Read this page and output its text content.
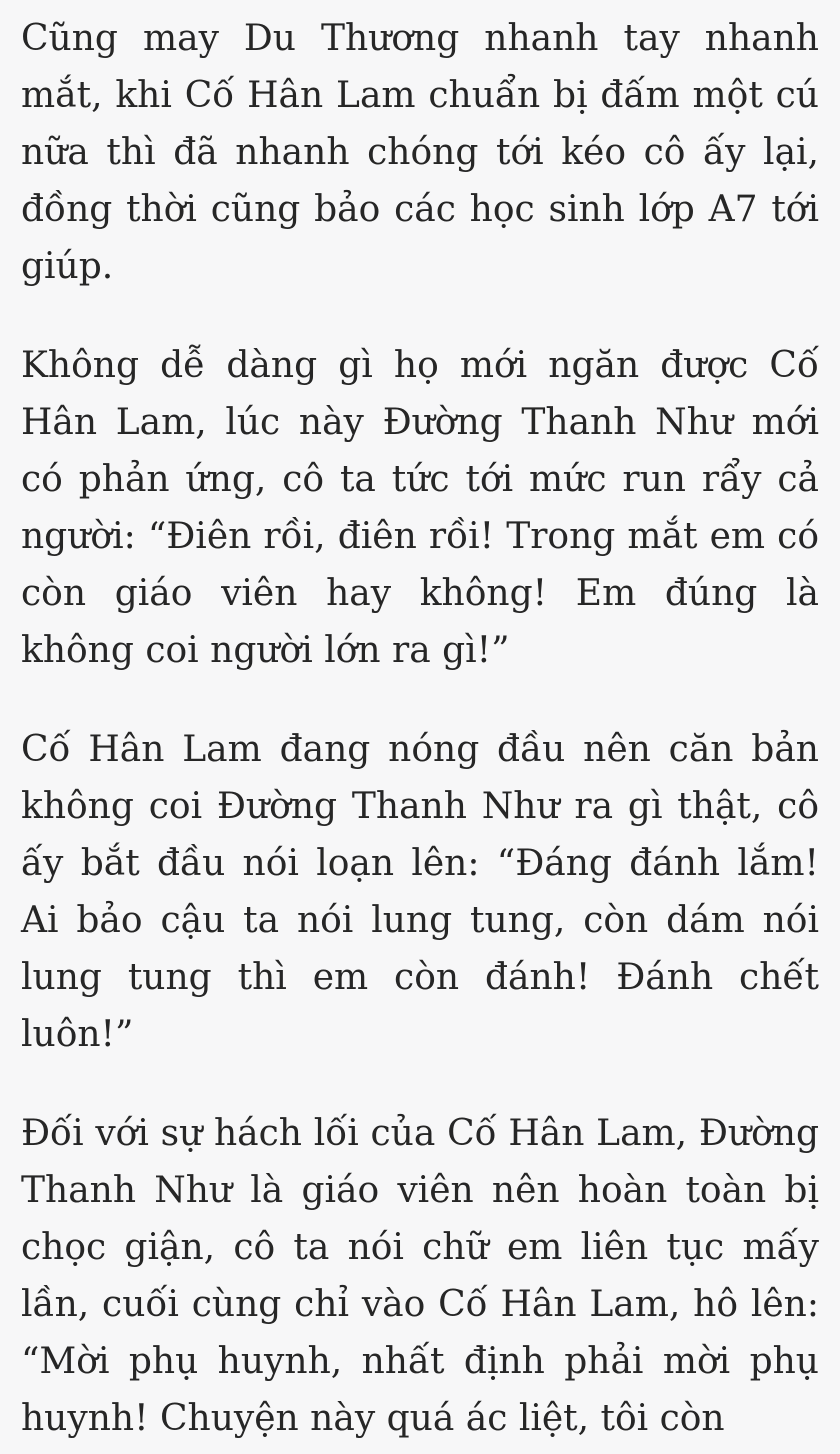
Cũng may Du Thương nhanh tay nhanh mắt, khi Cố Hân Lam chuẩn bị đấm một cú nữa thì đã nhanh chóng tới kéo cô ấy lại, đồng thời cũng bảo các học sinh lớp A7 tới giúp.

Không dễ dàng gì họ mới ngăn được Cố Hân Lam, lúc này Đường Thanh Như mới có phản ứng, cô ta tức tới mức run rẩy cả người: “Điên rồi, điên rồi! Trong mắt em có còn giáo viên hay không! Em đúng là không coi người lớn ra gì!”

Cố Hân Lam đang nóng đầu nên căn bản không coi Đường Thanh Như ra gì thật, cô ấy bắt đầu nói loạn lên: “Đáng đánh lắm! Ai bảo cậu ta nói lung tung, còn dám nói lung tung thì em còn đánh! Đánh chết luôn!”

Đối với sự hách lối của Cố Hân Lam, Đường Thanh Như là giáo viên nên hoàn toàn bị chọc giận, cô ta nói chữ em liên tục mấy lần, cuối cùng chỉ vào Cố Hân Lam, hô lên: “Mời phụ huynh, nhất định phải mời phụ huynh! Chuyện này quá ác liệt, tôi còn
